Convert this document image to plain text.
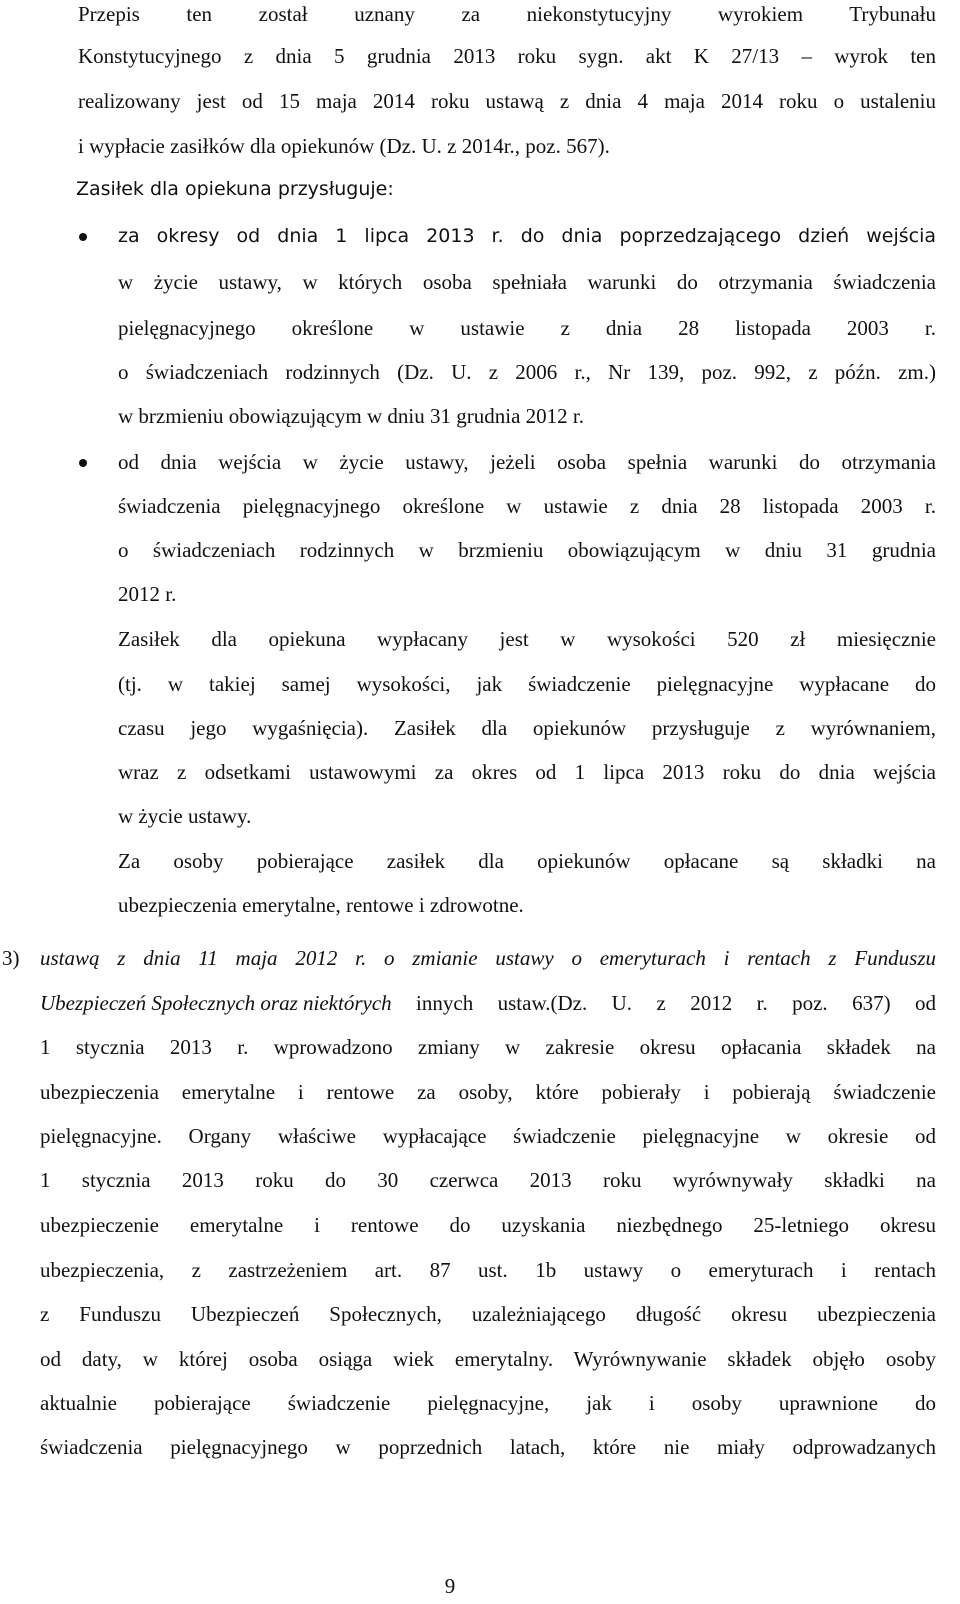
Przepis ten został uznany za niekonstytucyjny wyrokiem Trybunału
Konstytucyjnego z dnia 5 grudnia 2013 roku sygn. akt K 27/13 – wyrok ten
realizowany jest od 15 maja 2014 roku ustawą z dnia 4 maja 2014 roku o ustaleniu
i wypłacie zasiłków dla opiekunów (Dz. U. z 2014r., poz. 567).
Zasiłek dla opiekuna przysługuje:
za okresy od dnia 1 lipca 2013 r. do dnia poprzedzającego dzień wejścia
w życie ustawy, w których osoba spełniała warunki do otrzymania świadczenia
pielęgnacyjnego określone w ustawie z dnia 28 listopada 2003 r.
o świadczeniach rodzinnych (Dz. U. z 2006 r., Nr 139, poz. 992, z późn. zm.)
w brzmieniu obowiązującym w dniu 31 grudnia 2012 r.
od dnia wejścia w życie ustawy, jeżeli osoba spełnia warunki do otrzymania
świadczenia pielęgnacyjnego określone w ustawie z dnia 28 listopada 2003 r.
o świadczeniach rodzinnych w brzmieniu obowiązującym w dniu 31 grudnia
2012 r.
Zasiłek dla opiekuna wypłacany jest w wysokości 520 zł miesięcznie
(tj. w takiej samej wysokości, jak świadczenie pielęgnacyjne wypłacane do
czasu jego wygaśnięcia). Zasiłek dla opiekunów przysługuje z wyrównaniem,
wraz z odsetkami ustawowymi za okres od 1 lipca 2013 roku do dnia wejścia
w życie ustawy.
Za osoby pobierające zasiłek dla opiekunów opłacane są składki na
ubezpieczenia emerytalne, rentowe i zdrowotne.
3) ustawą z dnia 11 maja 2012 r. o zmianie ustawy o emeryturach i rentach z Funduszu
Ubezpieczeń Społecznych oraz niektórych innych ustaw.(Dz. U. z 2012 r. poz. 637) od
1 stycznia 2013 r. wprowadzono zmiany w zakresie okresu opłacania składek na
ubezpieczenia emerytalne i rentowe za osoby, które pobierały i pobierają świadczenie
pielęgnacyjne. Organy właściwe wypłacające świadczenie pielęgnacyjne w okresie od
1 stycznia 2013 roku do 30 czerwca 2013 roku wyrównywały składki na
ubezpieczenie emerytalne i rentowe do uzyskania niezbędnego 25-letniego okresu
ubezpieczenia, z zastrzeżeniem art. 87 ust. 1b ustawy o emeryturach i rentach
z Funduszu Ubezpieczeń Społecznych, uzależniającego długość okresu ubezpieczenia
od daty, w której osoba osiąga wiek emerytalny. Wyrównywanie składek objęło osoby
aktualnie pobierające świadczenie pielęgnacyjne, jak i osoby uprawnione do
świadczenia pielęgnacyjnego w poprzednich latach, które nie miały odprowadzanych
9
